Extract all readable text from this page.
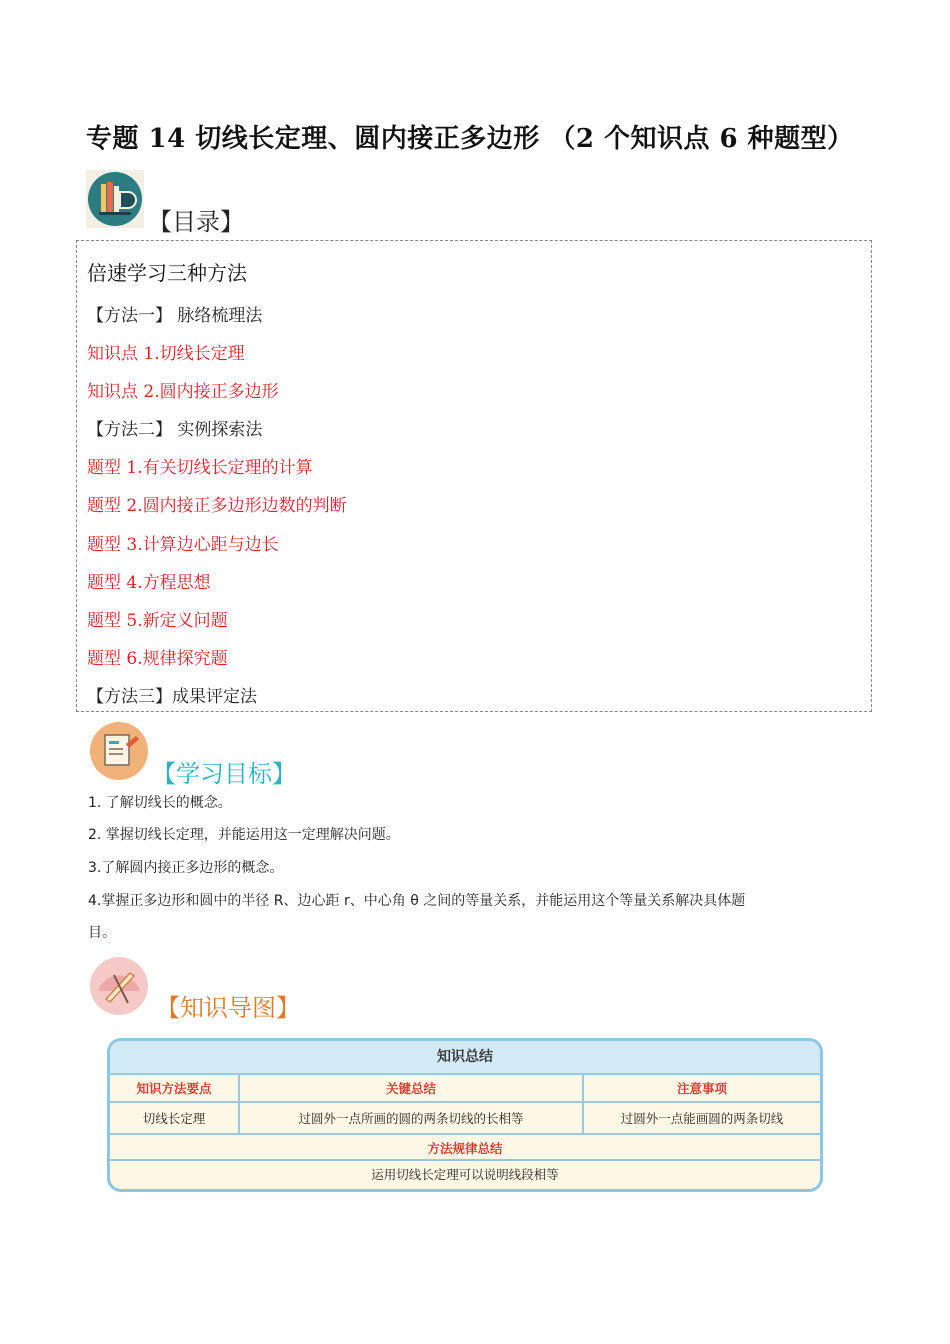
专题 14 切线长定理、圆内接正多边形 （2 个知识点 6 种题型）
【目录】
倍速学习三种方法
【方法一】 脉络梳理法
知识点 1.切线长定理
知识点 2.圆内接正多边形
【方法二】 实例探索法
题型 1.有关切线长定理的计算
题型 2.圆内接正多边形边数的判断
题型 3.计算边心距与边长
题型 4.方程思想
题型 5.新定义问题
题型 6.规律探究题
【方法三】成果评定法
【学习目标】
1. 了解切线长的概念。
2. 掌握切线长定理，并能运用这一定理解决问题。
3.了解圆内接正多边形的概念。
4.掌握正多边形和圆中的半径 R、边心距 r、中心角 θ 之间的等量关系，并能运用这个等量关系解决具体题
目。
【知识导图】
知识总结
知识方法要点	关键总结	注意事项
切线长定理	过圆外一点所画的圆的两条切线的长相等	过圆外一点能画圆的两条切线
方法规律总结
运用切线长定理可以说明线段相等
